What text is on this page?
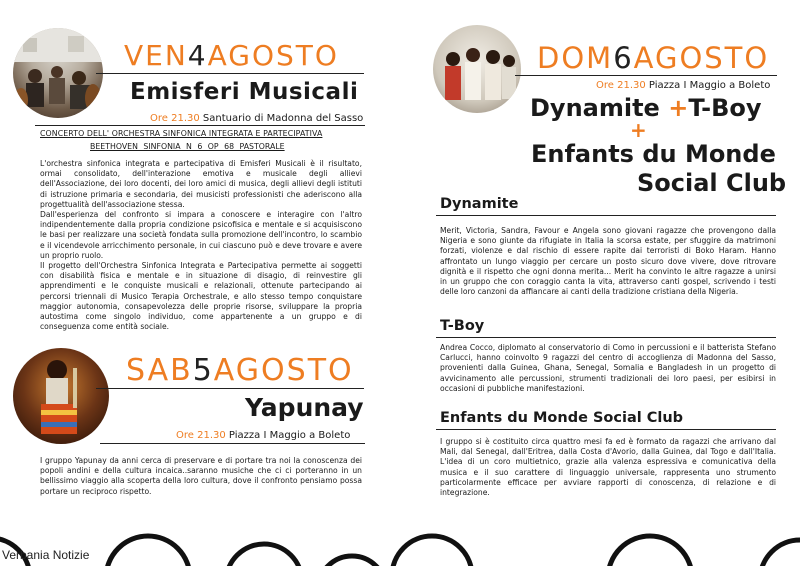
VEN4AGOSTO
Emisferi Musicali
Ore 21.30 Santuario di Madonna del Sasso
CONCERTO DELL' ORCHESTRA SINFONICA INTEGRATA E PARTECIPATIVA
BEETHOVEN SINFONIA N 6 OP 68 PASTORALE

L'orchestra sinfonica integrata e partecipativa di Emisferi Musicali è il risultato, ormai consolidato, dell'interazione emotiva e musicale degli allievi dell'Associazione, dei loro docenti, dei loro amici di musica, degli allievi degli istituti di istruzione primaria e secondaria, dei musicisti professionisti che aderiscono alla progettualità dell'associazione stessa.

Dall'esperienza del confronto si impara a conoscere e interagire con l'altro indipendentemente dalla propria condizione psicofisica e mentale e si acquisiscono le basi per realizzare una società fondata sulla promozione dell'incontro, lo scambio e il vicendevole arricchimento personale, in cui ciascuno può e deve trovare e avere un proprio ruolo.

Il progetto dell'Orchestra Sinfonica Integrata e Partecipativa permette ai soggetti con disabilità fisica e mentale e in situazione di disagio, di reinvestire gli apprendimenti e le conquiste musicali e relazionali, ottenute partecipando ai percorsi triennali di Musico Terapia Orchestrale, e allo stesso tempo conquistare maggior autonomia, consapevolezza delle proprie risorse, sviluppare la propria autostima come singolo individuo, come appartenente a un gruppo e di conseguenza come entità sociale.

SAB5AGOSTO
Yapunay
Ore 21.30 Piazza I Maggio a Boleto

I gruppo Yapunay da anni cerca di preservare e di portare tra noi la conoscenza dei popoli andini e della cultura incaica..saranno musiche che ci ci porteranno in un bellissimo viaggio alla scoperta della loro cultura, dove il confronto pensiamo possa portare un reciproco rispetto.

DOM6AGOSTO
Ore 21.30 Piazza I Maggio a Boleto
Dynamite +T-Boy
+
Enfants du Monde
Social Club
Dynamite

Merit, Victoria, Sandra, Favour e Angela sono giovani ragazze che provengono dalla Nigeria e sono giunte da rifugiate in Italia la scorsa estate, per sfuggire da matrimoni forzati, violenze e dal rischio di essere rapite dai terroristi di Boko Haram. Hanno affrontato un lungo viaggio per cercare un posto sicuro dove vivere, dove ritrovare dignità e il rispetto che ogni donna merita... Merit ha convinto le altre ragazze a unirsi in un gruppo che con coraggio canta la vita, attraverso canti gospel, scrivendo i testi delle loro canzoni da affiancare ai canti della tradizione cristiana della Nigeria.

T-Boy

Andrea Cocco, diplomato al conservatorio di Como in percussioni e il batterista Stefano Carlucci, hanno coinvolto 9 ragazzi del centro di accoglienza di Madonna del Sasso, provenienti dalla Guinea, Ghana, Senegal, Somalia e Bangladesh in un progetto di avvicinamento alle percussioni, strumenti tradizionali dei loro paesi, per esibirsi in occasioni di pubbliche manifestazioni.

Enfants du Monde Social Club

I gruppo si è costituito circa quattro mesi fa ed è formato da ragazzi che arrivano dal Mali, dal Senegal, dall'Eritrea, dalla Costa d'Avorio, dalla Guinea, dal Togo e dall'Italia. L'idea di un coro multietnico, grazie alla valenza espressiva e comunicativa della musica e il suo carattere di linguaggio universale, rappresenta uno strumento particolarmente efficace per avviare rapporti di conoscenza, di relazione e di integrazione.

Verbania Notizie
